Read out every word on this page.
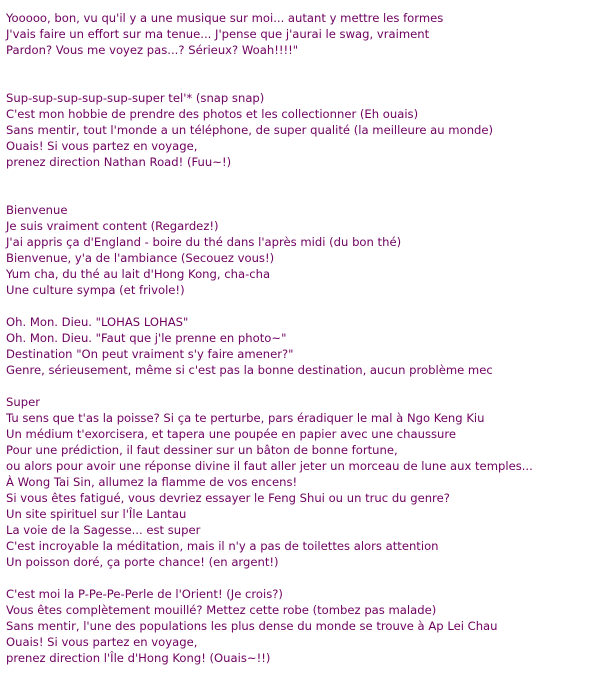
Yooooo, bon, vu qu'il y a une musique sur moi... autant y mettre les formes
J'vais faire un effort sur ma tenue... J'pense que j'aurai le swag, vraiment
Pardon? Vous me voyez pas...? Sérieux? Woah!!!!"
Sup-sup-sup-sup-sup-super tel'* (snap snap)
C'est mon hobbie de prendre des photos et les collectionner (Eh ouais)
Sans mentir, tout l'monde a un téléphone, de super qualité (la meilleure au monde)
Ouais! Si vous partez en voyage,
prenez direction Nathan Road! (Fuu~!)
Bienvenue
Je suis vraiment content (Regardez!)
J'ai appris ça d'England - boire du thé dans l'après midi (du bon thé)
Bienvenue, y'a de l'ambiance (Secouez vous!)
Yum cha, du thé au lait d'Hong Kong, cha-cha
Une culture sympa (et frivole!)
Oh. Mon. Dieu. "LOHAS LOHAS"
Oh. Mon. Dieu. "Faut que j'le prenne en photo~"
Destination "On peut vraiment s'y faire amener?"
Genre, sérieusement, même si c'est pas la bonne destination, aucun problème mec
Super
Tu sens que t'as la poisse? Si ça te perturbe, pars éradiquer le mal à Ngo Keng Kiu
Un médium t'exorcisera, et tapera une poupée en papier avec une chaussure
Pour une prédiction, il faut dessiner sur un bâton de bonne fortune,
ou alors pour avoir une réponse divine il faut aller jeter un morceau de lune aux temples...
À Wong Tai Sin, allumez la flamme de vos encens!
Si vous êtes fatigué, vous devriez essayer le Feng Shui ou un truc du genre?
Un site spirituel sur l'Île Lantau
La voie de la Sagesse... est super
C'est incroyable la méditation, mais il n'y a pas de toilettes alors attention
Un poisson doré, ça porte chance! (en argent!)
C'est moi la P-Pe-Pe-Perle de l'Orient! (Je crois?)
Vous êtes complètement mouillé? Mettez cette robe (tombez pas malade)
Sans mentir, l'une des populations les plus dense du monde se trouve à Ap Lei Chau
Ouais! Si vous partez en voyage,
prenez direction l'Île d'Hong Kong! (Ouais~!!)
